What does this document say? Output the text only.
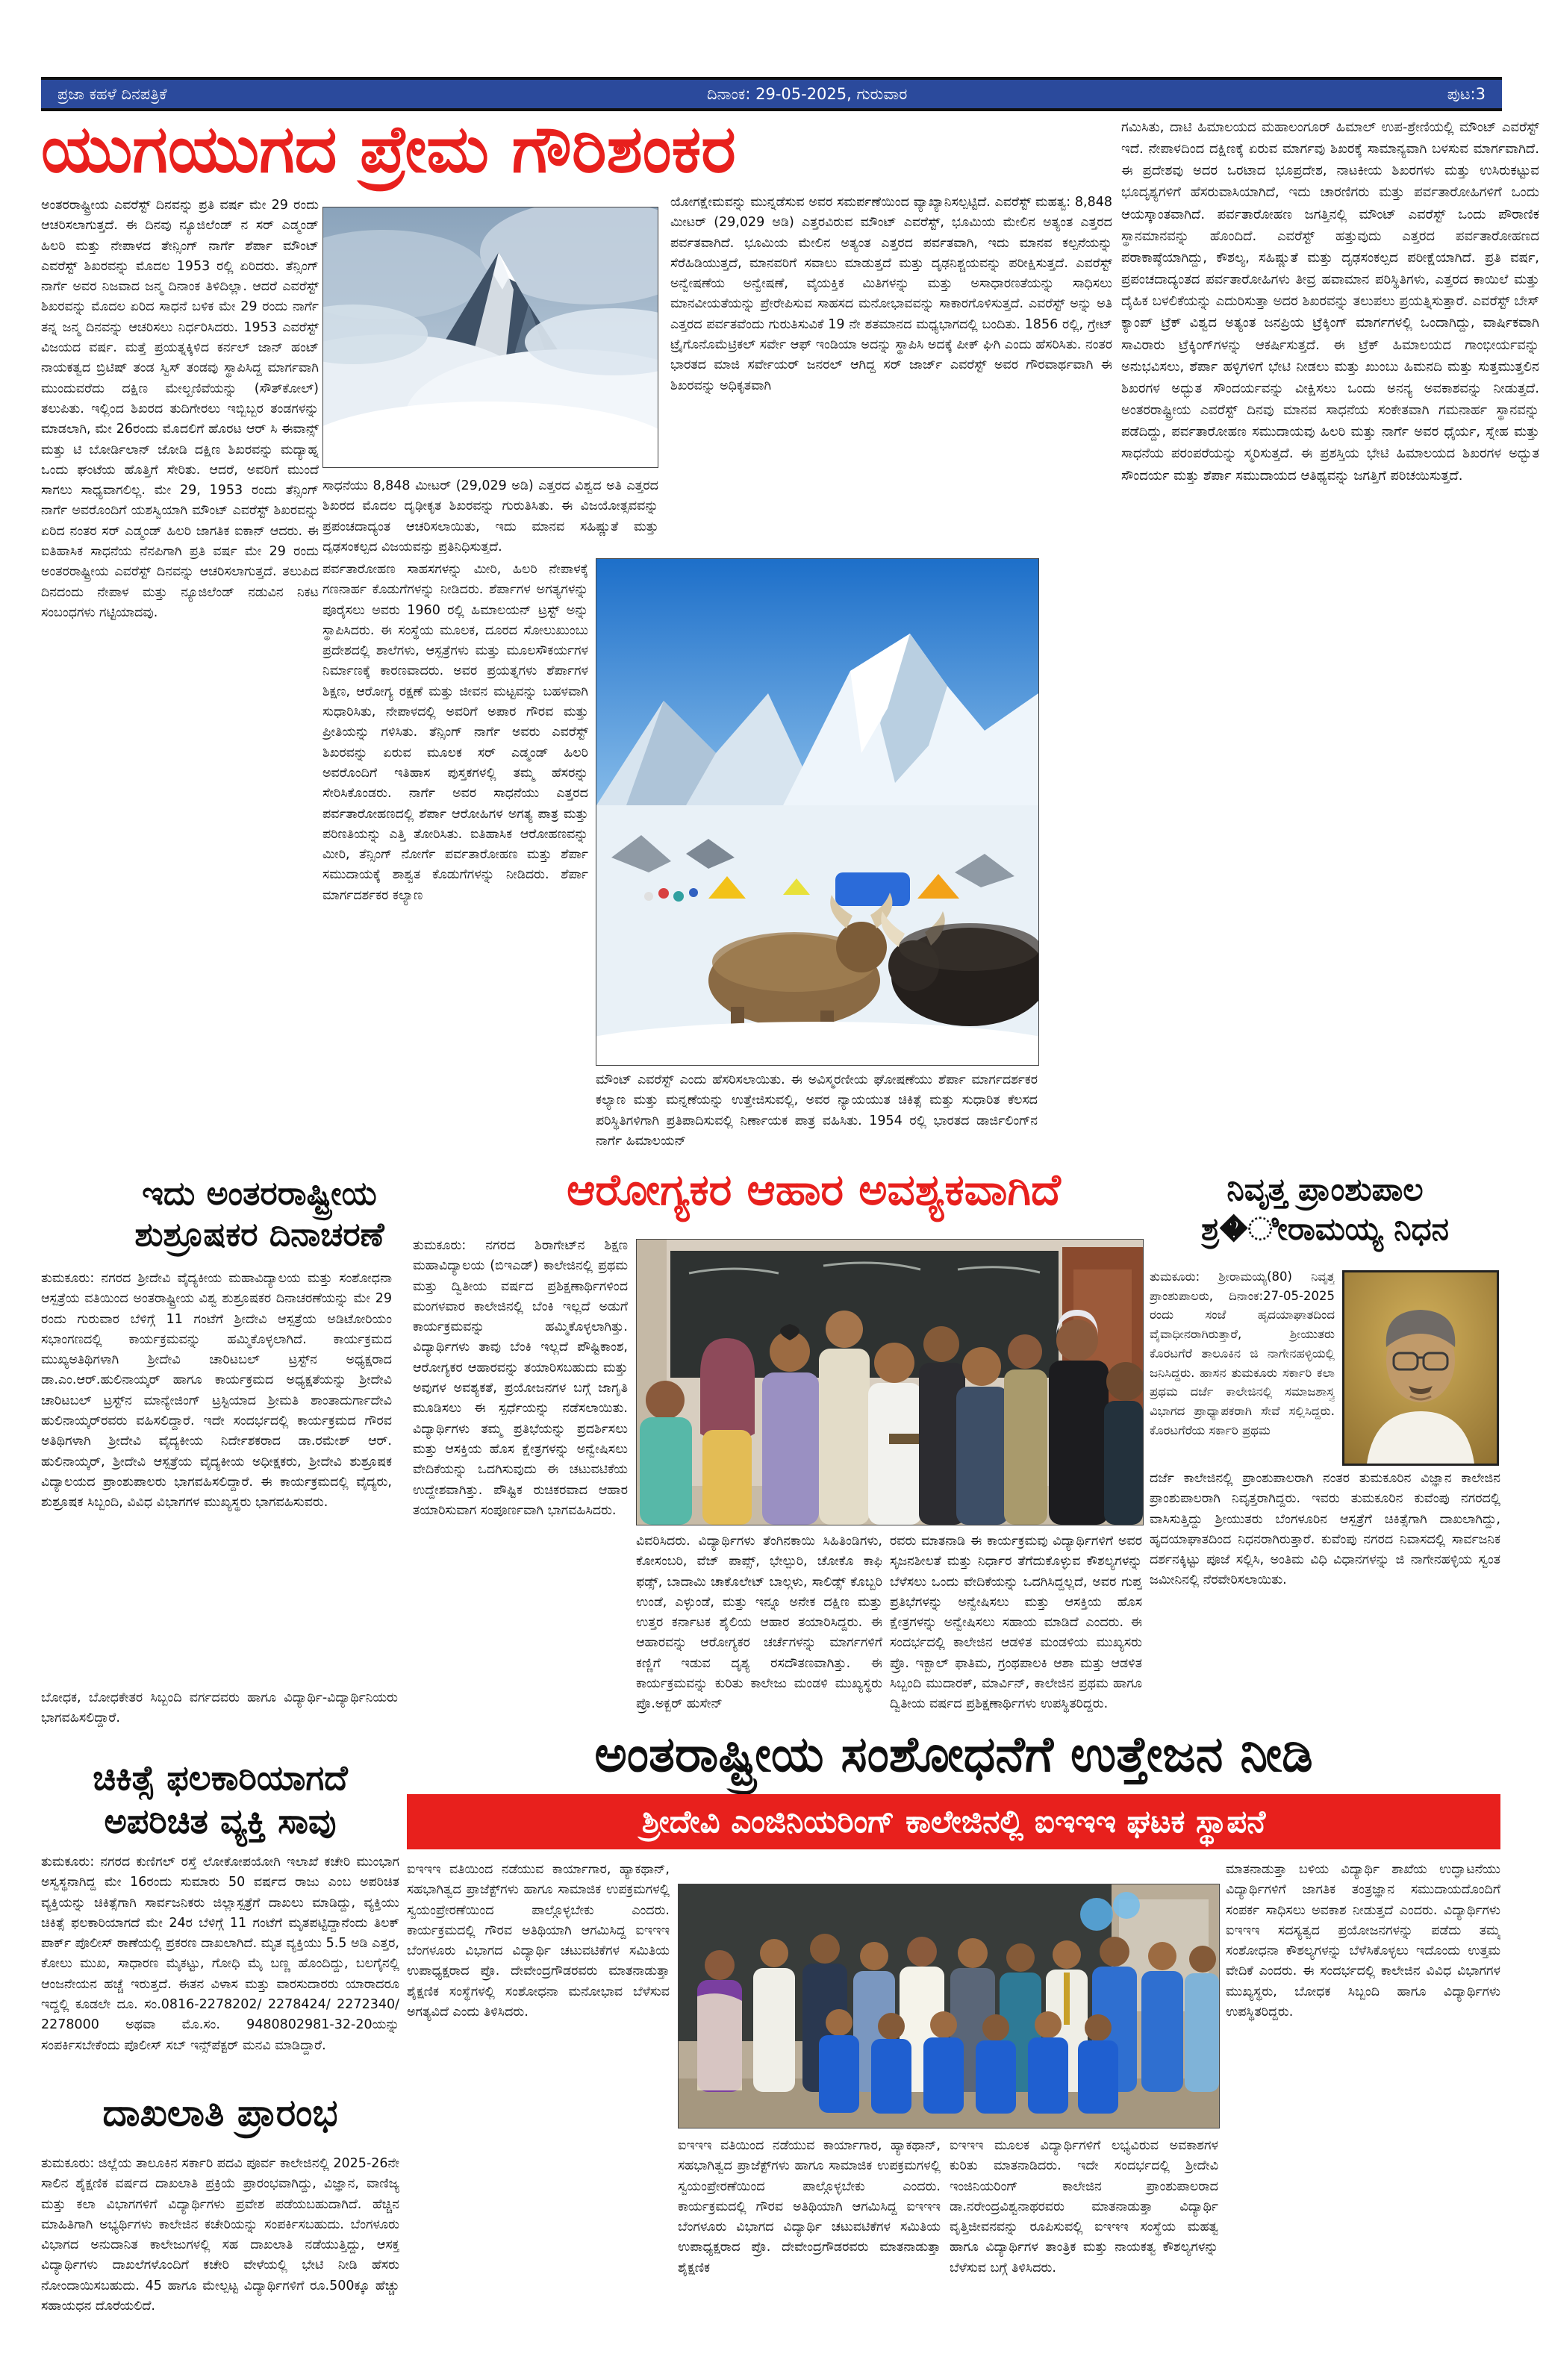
ಪ್ರಜಾ ಕಹಳೆ ದಿನಪತ್ರಿಕೆ	ದಿನಾಂಕ: 29-05-2025, ಗುರುವಾರ	ಪುಟ:3
ಯುಗಯುಗದ ಪ್ರೇಮ ಗೌರಿಶಂಕರ
ಅಂತರರಾಷ್ಟ್ರೀಯ ಎವರೆಸ್ಟ್ ದಿನವನ್ನು ಪ್ರತಿ ವರ್ಷ ಮೇ 29 ರಂದು ಆಚರಿಸಲಾಗುತ್ತದೆ. ಈ ದಿನವು ನ್ಯೂಜಿಲೆಂಡ್ ನ ಸರ್ ಎಡ್ಮಂಡ್ ಹಿಲರಿ ಮತ್ತು ನೇಪಾಳದ ತೇನ್ಸಿಂಗ್ ನಾರ್ಗೆ ಶೆರ್ಪಾ ಮೌಂಟ್ ಎವರೆಸ್ಟ್ ಶಿಖರವನ್ನು ಮೊದಲ 1953 ರಲ್ಲಿ ಏರಿದರು. ತೆನ್ಸಿಂಗ್ ನಾರ್ಗೆ ಅವರ ನಿಜವಾದ ಜನ್ಮ ದಿನಾಂಕ ತಿಳಿದಿಲ್ಲಾ. ಆದರೆ ಎವರೆಸ್ಟ್ ಶಿಖರವನ್ನು ಮೊದಲ ಏರಿದ ಸಾಧನೆ ಬಳಿಕ ಮೇ 29 ರಂದು ನಾರ್ಗೆ ತನ್ನ ಜನ್ಮ ದಿನವನ್ನು ಆಚರಿಸಲು ನಿರ್ಧರಿಸಿದರು. 1953 ಎವರೆಸ್ಟ್ ವಿಜಯದ ವರ್ಷ. ಮತ್ತೆ ಪ್ರಯತ್ನಕ್ಕಿಳಿದ ಕರ್ನಲ್ ಜಾನ್ ಹಂಟ್ ನಾಯಕತ್ವದ ಬ್ರಿಟಿಷ್ ತಂಡ ಸ್ವಿಸ್ ತಂಡವು ಸ್ಥಾಪಿಸಿದ್ದ ಮಾರ್ಗವಾಗಿ ಮುಂದುವರೆದು ದಕ್ಷಿಣ ಮೇಲ್ಖಣಿವೆಯನ್ನು (ಸೌತ್‌ಕೋಲ್) ತಲುಪಿತು. ಇಲ್ಲಿಂದ ಶಿಖರದ ತುದಿಗೇರಲು ಇಬ್ಬಿಬ್ಬರ ತಂಡಗಳನ್ನು ಮಾಡಲಾಗಿ, ಮೇ 26ರಂದು ಮೊದಲಿಗೆ ಹೊರಟ ಆರ್ ಸಿ ಈವಾನ್ಸ್ ಮತ್ತು ಟಿ ಬೋರ್ಡಿಲಾನ್ ಜೋಡಿ ದಕ್ಷಿಣ ಶಿಖರವನ್ನು ಮದ್ಯಾಹ್ನ ಒಂದು ಘಂಟೆಯ ಹೊತ್ತಿಗೆ ಸೇರಿತು. ಆದರೆ, ಅವರಿಗೆ ಮುಂದೆ ಸಾಗಲು ಸಾಧ್ಯವಾಗಲಿಲ್ಲ. ಮೇ 29, 1953 ರಂದು ತೆನ್ಸಿಂಗ್ ನಾರ್ಗೆ ಅವರೊಂದಿಗೆ ಯಶಸ್ವಿಯಾಗಿ ಮೌಂಟ್ ಎವರೆಸ್ಟ್ ಶಿಖರವನ್ನು ಏರಿದ ನಂತರ ಸರ್ ಎಡ್ಮಂಡ್ ಹಿಲರಿ ಜಾಗತಿಕ ಐಕಾನ್ ಆದರು. ಈ ಐತಿಹಾಸಿಕ ಸಾಧನೆಯ ನೆನಪಿಗಾಗಿ ಪ್ರತಿ ವರ್ಷ ಮೇ 29 ರಂದು ಅಂತರರಾಷ್ಟ್ರೀಯ ಎವರೆಸ್ಟ್ ದಿನವನ್ನು ಆಚರಿಸಲಾಗುತ್ತದೆ. ತಲುಪಿದ ದಿನದಂದು ನೇಪಾಳ ಮತ್ತು ನ್ಯೂಜಿಲೆಂಡ್ ನಡುವಿನ ನಿಕಟ ಸಂಬಂಧಗಳು ಗಟ್ಟಿಯಾದವು.
ಸಾಧನೆಯು 8,848 ಮೀಟರ್ (29,029 ಅಡಿ) ಎತ್ತರದ ವಿಶ್ವದ ಅತಿ ಎತ್ತರದ ಶಿಖರದ ಮೊದಲ ದೃಢೀಕೃತ ಶಿಖರವನ್ನು ಗುರುತಿಸಿತು. ಈ ವಿಜಯೋತ್ಸವವನ್ನು ಪ್ರಪಂಚದಾದ್ಯಂತ ಆಚರಿಸಲಾಯಿತು, ಇದು ಮಾನವ ಸಹಿಷ್ಣುತೆ ಮತ್ತು ದೃಢಸಂಕಲ್ಪದ ವಿಜಯವನ್ನು ಪ್ರತಿನಿಧಿಸುತ್ತದೆ.
ಪರ್ವತಾರೋಹಣ ಸಾಹಸಗಳನ್ನು ಮೀರಿ, ಹಿಲರಿ ನೇಪಾಳಕ್ಕೆ ಗಣನಾರ್ಹ ಕೊಡುಗೆಗಳನ್ನು ನೀಡಿದರು. ಶೆರ್ಪಾಗಳ ಅಗತ್ಯಗಳನ್ನು ಪೂರೈಸಲು ಅವರು 1960 ರಲ್ಲಿ ಹಿಮಾಲಯನ್ ಟ್ರಸ್ಟ್ ಅನ್ನು ಸ್ಥಾಪಿಸಿದರು. ಈ ಸಂಸ್ಥೆಯ ಮೂಲಕ, ದೂರದ ಸೋಲುಖುಂಬು ಪ್ರದೇಶದಲ್ಲಿ ಶಾಲೆಗಳು, ಆಸ್ಪತ್ರೆಗಳು ಮತ್ತು ಮೂಲಸೌಕರ್ಯಗಳ ನಿರ್ಮಾಣಕ್ಕೆ ಕಾರಣವಾದರು. ಅವರ ಪ್ರಯತ್ನಗಳು ಶೆರ್ಪಾಗಳ ಶಿಕ್ಷಣ, ಆರೋಗ್ಯ ರಕ್ಷಣೆ ಮತ್ತು ಜೀವನ ಮಟ್ಟವನ್ನು ಬಹಳವಾಗಿ ಸುಧಾರಿಸಿತು, ನೇಪಾಳದಲ್ಲಿ ಅವರಿಗೆ ಅಪಾರ ಗೌರವ ಮತ್ತು ಪ್ರೀತಿಯನ್ನು ಗಳಿಸಿತು. ತೆನ್ಸಿಂಗ್ ನಾರ್ಗೆ ಅವರು ಎವರೆಸ್ಟ್ ಶಿಖರವನ್ನು ಏರುವ ಮೂಲಕ ಸರ್ ಎಡ್ಮಂಡ್ ಹಿಲರಿ ಅವರೊಂದಿಗೆ ಇತಿಹಾಸ ಪುಸ್ತಕಗಳಲ್ಲಿ ತಮ್ಮ ಹೆಸರನ್ನು ಸೇರಿಸಿಕೊಂಡರು. ನಾರ್ಗೆ ಅವರ ಸಾಧನೆಯು ಎತ್ತರದ ಪರ್ವತಾರೋಹಣದಲ್ಲಿ ಶೆರ್ಪಾ ಆರೋಹಿಗಳ ಅಗತ್ಯ ಪಾತ್ರ ಮತ್ತು ಪರಿಣತಿಯನ್ನು ಎತ್ತಿ ತೋರಿಸಿತು. ಐತಿಹಾಸಿಕ ಆರೋಹಣವನ್ನು ಮೀರಿ, ತೆನ್ಸಿಂಗ್ ನೋರ್ಗೆ ಪರ್ವತಾರೋಹಣ ಮತ್ತು ಶೆರ್ಪಾ ಸಮುದಾಯಕ್ಕೆ ಶಾಶ್ವತ ಕೊಡುಗೆಗಳನ್ನು ನೀಡಿದರು. ಶೆರ್ಪಾ ಮಾರ್ಗದರ್ಶಕರ ಕಲ್ಯಾಣ
ಯೋಗಕ್ಷೇಮವನ್ನು ಮುನ್ನಡೆಸುವ ಅವರ ಸಮರ್ಪಣೆಯಿಂದ ವ್ಯಾಖ್ಯಾನಿಸಲ್ಪಟ್ಟಿದೆ. ಎವರೆಸ್ಟ್ ಮಹತ್ವ: 8,848 ಮೀಟರ್ (29,029 ಅಡಿ) ಎತ್ತರವಿರುವ ಮೌಂಟ್ ಎವರೆಸ್ಟ್, ಭೂಮಿಯ ಮೇಲಿನ ಅತ್ಯಂತ ಎತ್ತರದ ಪರ್ವತವಾಗಿದೆ. ಭೂಮಿಯ ಮೇಲಿನ ಅತ್ಯಂತ ಎತ್ತರದ ಪರ್ವತವಾಗಿ, ಇದು ಮಾನವ ಕಲ್ಪನೆಯನ್ನು ಸೆರೆಹಿಡಿಯುತ್ತದೆ, ಮಾನವರಿಗೆ ಸವಾಲು ಮಾಡುತ್ತದೆ ಮತ್ತು ದೃಢನಿಶ್ಚಯವನ್ನು ಪರೀಕ್ಷಿಸುತ್ತದೆ. ಎವರೆಸ್ಟ್ ಅನ್ವೇಷಣೆಯ ಅನ್ವೇಷಣೆ, ವೈಯಕ್ತಿಕ ಮಿತಿಗಳನ್ನು ಮತ್ತು ಅಸಾಧಾರಣತೆಯನ್ನು ಸಾಧಿಸಲು ಮಾನವೀಯತೆಯನ್ನು ಪ್ರೇರೇಪಿಸುವ ಸಾಹಸದ ಮನೋಭಾವವನ್ನು ಸಾಕಾರಗೊಳಿಸುತ್ತದೆ. ಎವರೆಸ್ಟ್ ಅನ್ನು ಅತಿ ಎತ್ತರದ ಪರ್ವತವೆಂದು ಗುರುತಿಸುವಿಕೆ 19 ನೇ ಶತಮಾನದ ಮಧ್ಯಭಾಗದಲ್ಲಿ ಬಂದಿತು. 1856 ರಲ್ಲಿ, ಗ್ರೇಟ್ ಟ್ರೈಗೊನೊಮೆಟ್ರಿಕಲ್ ಸರ್ವೇ ಆಫ್ ಇಂಡಿಯಾ ಅದನ್ನು ಸ್ಥಾಪಿಸಿ ಅದಕ್ಕೆ ಪೀಕ್ ಘಿಗಿ ಎಂದು ಹೆಸರಿಸಿತು. ನಂತರ ಭಾರತದ ಮಾಜಿ ಸರ್ವೇಯರ್ ಜನರಲ್ ಆಗಿದ್ದ ಸರ್ ಜಾರ್ಜ್ ಎವರೆಸ್ಟ್ ಅವರ ಗೌರವಾರ್ಥವಾಗಿ ಈ ಶಿಖರವನ್ನು ಅಧಿಕೃತವಾಗಿ
ಮೌಂಟ್ ಎವರೆಸ್ಟ್ ಎಂದು ಹೆಸರಿಸಲಾಯಿತು. ಈ ಅವಿಸ್ಮರಣೀಯ ಘೋಷಣೆಯು ಶೆರ್ಪಾ ಮಾರ್ಗದರ್ಶಕರ ಕಲ್ಯಾಣ ಮತ್ತು ಮನ್ನಣೆಯನ್ನು ಉತ್ತೇಜಿಸುವಲ್ಲಿ, ಅವರ ನ್ಯಾಯಯುತ ಚಿಕಿತ್ಸೆ ಮತ್ತು ಸುಧಾರಿತ ಕೆಲಸದ ಪರಿಸ್ಥಿತಿಗಳಿಗಾಗಿ ಪ್ರತಿಪಾದಿಸುವಲ್ಲಿ ನಿರ್ಣಾಯಕ ಪಾತ್ರ ವಹಿಸಿತು. 1954 ರಲ್ಲಿ ಭಾರತದ ಡಾರ್ಜಿಲಿಂಗ್‌ನ ನಾರ್ಗೆ ಹಿಮಾಲಯನ್
ಗಮಿಸಿತು, ದಾಟಿ ಹಿಮಾಲಯದ ಮಹಾಲಂಗೂರ್ ಹಿಮಾಲ್ ಉಪ-ಶ್ರೇಣಿಯಲ್ಲಿ ಮೌಂಟ್ ಎವರೆಸ್ಟ್ ಇದೆ. ನೇಪಾಳದಿಂದ ದಕ್ಷಿಣಕ್ಕೆ ಏರುವ ಮಾರ್ಗವು ಶಿಖರಕ್ಕೆ ಸಾಮಾನ್ಯವಾಗಿ ಬಳಸುವ ಮಾರ್ಗವಾಗಿದೆ. ಈ ಪ್ರದೇಶವು ಅದರ ಒರಟಾದ ಭೂಪ್ರದೇಶ, ನಾಟಕೀಯ ಶಿಖರಗಳು ಮತ್ತು ಉಸಿರುಕಟ್ಟುವ ಭೂದೃಶ್ಯಗಳಿಗೆ ಹೆಸರುವಾಸಿಯಾಗಿದೆ, ಇದು ಚಾರಣಿಗರು ಮತ್ತು ಪರ್ವತಾರೋಹಿಗಳಿಗೆ ಒಂದು ಆಯಸ್ಕಾಂತವಾಗಿದೆ. ಪರ್ವತಾರೋಹಣ ಜಗತ್ತಿನಲ್ಲಿ ಮೌಂಟ್ ಎವರೆಸ್ಟ್ ಒಂದು ಪೌರಾಣಿಕ ಸ್ಥಾನಮಾನವನ್ನು ಹೊಂದಿದೆ. ಎವರೆಸ್ಟ್ ಹತ್ತುವುದು ಎತ್ತರದ ಪರ್ವತಾರೋಹಣದ ಪರಾಕಾಷ್ಠೆಯಾಗಿದ್ದು, ಕೌಶಲ್ಯ, ಸಹಿಷ್ಣುತೆ ಮತ್ತು ದೃಢಸಂಕಲ್ಪದ ಪರೀಕ್ಷೆಯಾಗಿದೆ. ಪ್ರತಿ ವರ್ಷ, ಪ್ರಪಂಚದಾದ್ಯಂತದ ಪರ್ವತಾರೋಹಿಗಳು ತೀವ್ರ ಹವಾಮಾನ ಪರಿಸ್ಥಿತಿಗಳು, ಎತ್ತರದ ಕಾಯಿಲೆ ಮತ್ತು ದೈಹಿಕ ಬಳಲಿಕೆಯನ್ನು ಎದುರಿಸುತ್ತಾ ಅದರ ಶಿಖರವನ್ನು ತಲುಪಲು ಪ್ರಯತ್ನಿಸುತ್ತಾರೆ. ಎವರೆಸ್ಟ್ ಬೇಸ್ ಕ್ಯಾಂಪ್ ಟ್ರೆಕ್ ವಿಶ್ವದ ಅತ್ಯಂತ ಜನಪ್ರಿಯ ಟ್ರೆಕ್ಕಿಂಗ್ ಮಾರ್ಗಗಳಲ್ಲಿ ಒಂದಾಗಿದ್ದು, ವಾರ್ಷಿಕವಾಗಿ ಸಾವಿರಾರು ಟ್ರೆಕ್ಕಿಂಗ್‌ಗಳನ್ನು ಆಕರ್ಷಿಸುತ್ತದೆ. ಈ ಟ್ರೆಕ್ ಹಿಮಾಲಯದ ಗಾಂಭೀರ್ಯವನ್ನು ಅನುಭವಿಸಲು, ಶೆರ್ಪಾ ಹಳ್ಳಿಗಳಿಗೆ ಭೇಟಿ ನೀಡಲು ಮತ್ತು ಖುಂಬು ಹಿಮನದಿ ಮತ್ತು ಸುತ್ತಮುತ್ತಲಿನ ಶಿಖರಗಳ ಅದ್ಭುತ ಸೌಂದರ್ಯವನ್ನು ವೀಕ್ಷಿಸಲು ಒಂದು ಅನನ್ಯ ಅವಕಾಶವನ್ನು ನೀಡುತ್ತದೆ. ಅಂತರರಾಷ್ಟ್ರೀಯ ಎವರೆಸ್ಟ್ ದಿನವು ಮಾನವ ಸಾಧನೆಯ ಸಂಕೇತವಾಗಿ ಗಮನಾರ್ಹ ಸ್ಥಾನವನ್ನು ಪಡೆದಿದ್ದು, ಪರ್ವತಾರೋಹಣ ಸಮುದಾಯವು ಹಿಲರಿ ಮತ್ತು ನಾರ್ಗೆ ಅವರ ಧೈರ್ಯ, ಸ್ನೇಹ ಮತ್ತು ಸಾಧನೆಯ ಪರಂಪರೆಯನ್ನು ಸ್ಮರಿಸುತ್ತದೆ. ಈ ಪ್ರಶಸ್ತಿಯ ಭೇಟಿ ಹಿಮಾಲಯದ ಶಿಖರಗಳ ಅದ್ಭುತ ಸೌಂದರ್ಯ ಮತ್ತು ಶೆರ್ಪಾ ಸಮುದಾಯದ ಆತಿಥ್ಯವನ್ನು ಜಗತ್ತಿಗೆ ಪರಿಚಯಿಸುತ್ತದೆ.
ಇದು ಅಂತರರಾಷ್ಟ್ರೀಯ
ಶುಶ್ರೂಷಕರ ದಿನಾಚರಣೆ
ತುಮಕೂರು: ನಗರದ ಶ್ರೀದೇವಿ ವೈದ್ಯಕೀಯ ಮಹಾವಿದ್ಯಾಲಯ ಮತ್ತು ಸಂಶೋಧನಾ ಆಸ್ಪತ್ರೆಯ ವತಿಯಿಂದ ಅಂತರಾಷ್ಟ್ರೀಯ ವಿಶ್ವ ಶುಶ್ರೂಷಕರ ದಿನಾಚರಣೆಯನ್ನು ಮೇ 29 ರಂದು ಗುರುವಾರ ಬೆಳಿಗ್ಗೆ 11 ಗಂಟೆಗೆ ಶ್ರೀದೇವಿ ಆಸ್ಪತ್ರೆಯ ಅಡಿಟೋರಿಯಂ ಸಭಾಂಗಣದಲ್ಲಿ ಕಾರ್ಯಕ್ರಮವನ್ನು ಹಮ್ಮಿಕೊಳ್ಳಲಾಗಿದೆ. ಕಾರ್ಯಕ್ರಮದ ಮುಖ್ಯಅತಿಥಿಗಳಾಗಿ ಶ್ರೀದೇವಿ ಚಾರಿಟಬಲ್ ಟ್ರಸ್ಟ್‌ನ ಅಧ್ಯಕ್ಷರಾದ ಡಾ.ಎಂ.ಆರ್.ಹುಲಿನಾಯ್ಕರ್ ಹಾಗೂ ಕಾರ್ಯಕ್ರಮದ ಅಧ್ಯಕ್ಷತೆಯನ್ನು ಶ್ರೀದೇವಿ ಚಾರಿಟಬಲ್ ಟ್ರಸ್ಟ್‌ನ ಮಾನ್ಯೇಜಿಂಗ್ ಟ್ರಸ್ಟಿಯಾದ ಶ್ರೀಮತಿ ಶಾಂತಾದುರ್ಗಾದೇವಿ ಹುಲಿನಾಯ್ಕರ್‌ರವರು ವಹಿಸಲಿದ್ದಾರೆ. ಇದೇ ಸಂದರ್ಭದಲ್ಲಿ ಕಾರ್ಯಕ್ರಮದ ಗೌರವ ಅತಿಥಿಗಳಾಗಿ ಶ್ರೀದೇವಿ ವೈದ್ಯಕೀಯ ನಿರ್ದೇಶಕರಾದ ಡಾ.ರಮೇಶ್ ಆರ್. ಹುಲಿನಾಯ್ಕರ್, ಶ್ರೀದೇವಿ ಆಸ್ಪತ್ರೆಯ ವೈದ್ಯಕೀಯ ಅಧೀಕ್ಷಕರು, ಶ್ರೀದೇವಿ ಶುಶ್ರೂಷಕ ವಿದ್ಯಾಲಯದ ಪ್ರಾಂಶುಪಾಲರು ಭಾಗವಹಿಸಲಿದ್ದಾರೆ. ಈ ಕಾರ್ಯಕ್ರಮದಲ್ಲಿ ವೈದ್ಯರು, ಶುಶ್ರೂಷಕ ಸಿಬ್ಬಂದಿ, ವಿವಿಧ ವಿಭಾಗಗಳ ಮುಖ್ಯಸ್ಥರು ಭಾಗವಹಿಸುವರು.
ಬೋಧಕ, ಬೋಧಕೇತರ ಸಿಬ್ಬಂದಿ ವರ್ಗದವರು ಹಾಗೂ ವಿದ್ಯಾರ್ಥಿ-ವಿದ್ಯಾರ್ಥಿನಿಯರು ಭಾಗವಹಿಸಲಿದ್ದಾರೆ.
ಆರೋಗ್ಯಕರ ಆಹಾರ ಅವಶ್ಯಕವಾಗಿದೆ
ತುಮಕೂರು: ನಗರದ ಶಿರಾಗೇಟ್‌ನ ಶಿಕ್ಷಣ ಮಹಾವಿದ್ಯಾಲಯ (ಬಿಇಎಡ್) ಕಾಲೇಜಿನಲ್ಲಿ ಪ್ರಥಮ ಮತ್ತು ದ್ವಿತೀಯ ವರ್ಷದ ಪ್ರಶಿಕ್ಷಣಾರ್ಥಿಗಳಿಂದ ಮಂಗಳವಾರ ಕಾಲೇಜಿನಲ್ಲಿ ಬೆಂಕಿ ಇಲ್ಲದೆ ಅಡುಗೆ ಕಾರ್ಯಕ್ರಮವನ್ನು ಹಮ್ಮಿಕೊಳ್ಳಲಾಗಿತ್ತು. ವಿದ್ಯಾರ್ಥಿಗಳು ತಾವು ಬೆಂಕಿ ಇಲ್ಲದೆ ಪೌಷ್ಟಿಕಾಂಶ, ಆರೋಗ್ಯಕರ ಆಹಾರವನ್ನು ತಯಾರಿಸಬಹುದು ಮತ್ತು ಅವುಗಳ ಅವಶ್ಯಕತೆ, ಪ್ರಯೋಜನಗಳ ಬಗ್ಗೆ ಜಾಗೃತಿ ಮೂಡಿಸಲು ಈ ಸ್ಪರ್ಧೆಯನ್ನು ನಡೆಸಲಾಯಿತು. ವಿದ್ಯಾರ್ಥಿಗಳು ತಮ್ಮ ಪ್ರತಿಭೆಯನ್ನು ಪ್ರದರ್ಶಿಸಲು ಮತ್ತು ಆಸಕ್ತಿಯ ಹೊಸ ಕ್ಷೇತ್ರಗಳನ್ನು ಅನ್ವೇಷಿಸಲು ವೇದಿಕೆಯನ್ನು ಒದಗಿಸುವುದು ಈ ಚಟುವಟಿಕೆಯ ಉದ್ದೇಶವಾಗಿತ್ತು. ಪೌಷ್ಟಿಕ ರುಚಿಕರವಾದ ಆಹಾರ ತಯಾರಿಸುವಾಗ ಸಂಪೂರ್ಣವಾಗಿ ಭಾಗವಹಿಸಿದರು.
ವಿವರಿಸಿದರು. ವಿದ್ಯಾರ್ಥಿಗಳು ತೆಂಗಿನಕಾಯಿ ಸಿಹಿತಿಂಡಿಗಳು, ಕೋಸಂಬರಿ, ವೆಜ್ ಪಾಪ್ಸ್, ಭೇಲ್ಪುರಿ, ಚೋಕೊ ಕಾಫಿ ಫಡ್ಸ್, ಬಾದಾಮಿ ಚಾಕೊಲೇಟ್ ಬಾಲ್ಗಳು, ಸಾಲಿಡ್ಸ್ ಕೊಬ್ಬರಿ ಉಂಡೆ, ಎಳ್ಳುಂಡೆ, ಮತ್ತು ಇನ್ನೂ ಅನೇಕ ದಕ್ಷಿಣ ಮತ್ತು ಉತ್ತರ ಕರ್ನಾಟಕ ಶೈಲಿಯ ಆಹಾರ ತಯಾರಿಸಿದ್ದರು. ಈ ಆಹಾರವನ್ನು ಆರೋಗ್ಯಕರ ಚರ್ಚೆಗಳನ್ನು ಮಾರ್ಗಗಳಿಗೆ ಕಣ್ಣಿಗೆ ಇಡುವ ದೃಶ್ಯ ರಸದೌತಣವಾಗಿತ್ತು. ಈ ಕಾರ್ಯಕ್ರಮವನ್ನು ಕುರಿತು ಕಾಲೇಜು ಮಂಡಳಿ ಮುಖ್ಯಸ್ಥರು ಪ್ರೊ.ಅಕ್ಬರ್ ಹುಸೇನ್
ರವರು ಮಾತನಾಡಿ ಈ ಕಾರ್ಯಕ್ರಮವು ವಿದ್ಯಾರ್ಥಿಗಳಿಗೆ ಅವರ ಸೃಜನಶೀಲತೆ ಮತ್ತು ನಿರ್ಧಾರ ತೆಗೆದುಕೊಳ್ಳುವ ಕೌಶಲ್ಯಗಳನ್ನು ಬೆಳೆಸಲು ಒಂದು ವೇದಿಕೆಯನ್ನು ಒದಗಿಸಿದ್ದಲ್ಲದೆ, ಅವರ ಗುಪ್ತ ಪ್ರತಿಭೆಗಳನ್ನು ಅನ್ವೇಷಿಸಲು ಮತ್ತು ಆಸಕ್ತಿಯ ಹೊಸ ಕ್ಷೇತ್ರಗಳನ್ನು ಅನ್ವೇಷಿಸಲು ಸಹಾಯ ಮಾಡಿದೆ ಎಂದರು. ಈ ಸಂದರ್ಭದಲ್ಲಿ ಕಾಲೇಜಿನ ಆಡಳಿತ ಮಂಡಳಿಯ ಮುಖ್ಯಸರು ಪ್ರೊ. ಇಕ್ಬಾಲ್ ಫಾತಿಮ, ಗ್ರಂಥಪಾಲಕಿ ಆಶಾ ಮತ್ತು ಆಡಳಿತ ಸಿಬ್ಬಂದಿ ಮುದಾರಕ್, ಮಾರ್ವಿನ್, ಕಾಲೇಜಿನ ಪ್ರಥಮ ಹಾಗೂ ದ್ವಿತೀಯ ವರ್ಷದ ಪ್ರಶಿಕ್ಷಣಾರ್ಥಿಗಳು ಉಪಸ್ಥಿತರಿದ್ದರು.
ನಿವೃತ್ತ ಪ್ರಾಂಶುಪಾಲ
ಶ್ರ�ೀರಾಮಯ್ಯ ನಿಧನ
ತುಮಕೂರು: ಶ್ರೀರಾಮಯ್ಯ(80) ನಿವೃತ್ತ ಪ್ರಾಂಶುಪಾಲರು, ದಿನಾಂಕ:27-05-2025 ರಂದು ಸಂಜೆ ಹೃದಯಾಘಾತದಿಂದ ವೈವಾಧೀನರಾಗಿರುತ್ತಾರೆ, ಶ್ರೀಯುತರು ಕೊರಟಗೆರೆ ತಾಲೂಕಿನ ಜಿ ನಾಗೇನಹಳ್ಳಿಯಲ್ಲಿ ಜನಿಸಿದ್ದರು. ಹಾಸನ ತುಮಕೂರು ಸರ್ಕಾರಿ ಕಲಾ ಪ್ರಥಮ ದರ್ಜೆ ಕಾಲೇಜಿನಲ್ಲಿ ಸಮಾಜಶಾಸ್ತ್ರ ವಿಭಾಗದ ಪ್ರಾಧ್ಯಾಪಕರಾಗಿ ಸೇವೆ ಸಲ್ಲಿಸಿದ್ದರು. ಕೊರಟಗೆರೆಯ ಸರ್ಕಾರಿ ಪ್ರಥಮ
ದರ್ಜೆ ಕಾಲೇಜಿನಲ್ಲಿ ಪ್ರಾಂಶುಪಾಲರಾಗಿ ನಂತರ ತುಮಕೂರಿನ ವಿಜ್ಞಾನ ಕಾಲೇಜಿನ ಪ್ರಾಂಶುಪಾಲರಾಗಿ ನಿವೃತ್ತರಾಗಿದ್ದರು. ಇವರು ತುಮಕೂರಿನ ಕುವೆಂಪು ನಗರದಲ್ಲಿ ವಾಸಿಸುತ್ತಿದ್ದು ಶ್ರೀಯುತರು ಬೆಂಗಳೂರಿನ ಆಸ್ಪತ್ರೆಗೆ ಚಿಕಿತ್ಸೆಗಾಗಿ ದಾಖಲಾಗಿದ್ದು, ಹೃದಯಾಘಾತದಿಂದ ನಿಧನರಾಗಿರುತ್ತಾರೆ. ಕುವೆಂಪು ನಗರದ ನಿವಾಸದಲ್ಲಿ ಸಾರ್ವಜನಿಕ ದರ್ಶನಕ್ಕಿಟ್ಟು ಪೂಜೆ ಸಲ್ಲಿಸಿ, ಅಂತಿಮ ವಿಧಿ ವಿಧಾನಗಳನ್ನು ಜಿ ನಾಗೇನಹಳ್ಳಿಯ ಸ್ವಂತ ಜಮೀನಿನಲ್ಲಿ ನೆರವೇರಿಸಲಾಯಿತು.
ಚಿಕಿತ್ಸೆ ಫಲಕಾರಿಯಾಗದೆ
ಅಪರಿಚಿತ ವ್ಯಕ್ತಿ ಸಾವು
ತುಮಕೂರು: ನಗರದ ಕುಣಿಗಲ್ ರಸ್ತೆ ಲೋಕೋಪಯೋಗಿ ಇಲಾಖೆ ಕಚೇರಿ ಮುಂಭಾಗ ಅಸ್ವಸ್ಥನಾಗಿದ್ದ ಮೇ 16ರಂದು ಸುಮಾರು 50 ವರ್ಷದ ರಾಜು ಎಂಬ ಅಪರಿಚಿತ ವ್ಯಕ್ತಿಯನ್ನು ಚಿಕಿತ್ಸೆಗಾಗಿ ಸಾರ್ವಜನಿಕರು ಜಿಲ್ಲಾಸ್ಪತ್ರೆಗೆ ದಾಖಲು ಮಾಡಿದ್ದು, ವ್ಯಕ್ತಿಯು ಚಿಕಿತ್ಸೆ ಫಲಕಾರಿಯಾಗದೆ ಮೇ 24ರ ಬೆಳಿಗ್ಗೆ 11 ಗಂಟೆಗೆ ಮೃತಪಟ್ಟಿದ್ದಾನೆಂದು ತಿಲಕ್ ಪಾರ್ಕ್ ಪೊಲೀಸ್ ಠಾಣೆಯಲ್ಲಿ ಪ್ರಕರಣ ದಾಖಲಾಗಿದೆ. ಮೃತ ವ್ಯಕ್ತಿಯು 5.5 ಅಡಿ ಎತ್ತರ, ಕೋಲು ಮುಖ, ಸಾಧಾರಣ ಮೈಕಟ್ಟು, ಗೋಧಿ ಮೈ ಬಣ್ಣ ಹೊಂದಿದ್ದು, ಬಲಗೈನಲ್ಲಿ ಆಂಜನೇಯನ ಹಚ್ಚೆ ಇರುತ್ತದೆ. ಈತನ ವಿಳಾಸ ಮತ್ತು ವಾರಸುದಾರರು ಯಾರಾದರೂ ಇದ್ದಲ್ಲಿ ಕೂಡಲೇ ದೂ. ಸಂ.0816-2278202/ 2278424/ 2272340/ 2278000 ಅಥವಾ ಮೊ.ಸಂ. 9480802981-32-20ಯನ್ನು ಸಂಪರ್ಕಿಸಬೇಕೆಂದು ಪೊಲೀಸ್ ಸಬ್ ಇನ್ಸ್‌ಪೆಕ್ಟರ್ ಮನವಿ ಮಾಡಿದ್ದಾರೆ.
ದಾಖಲಾತಿ ಪ್ರಾರಂಭ
ತುಮಕೂರು: ಜಿಲ್ಲೆಯ ತಾಲೂಕಿನ ಸರ್ಕಾರಿ ಪದವಿ ಪೂರ್ವ ಕಾಲೇಜಿನಲ್ಲಿ 2025-26ನೇ ಸಾಲಿನ ಶೈಕ್ಷಣಿಕ ವರ್ಷದ ದಾಖಲಾತಿ ಪ್ರಕ್ರಿಯೆ ಪ್ರಾರಂಭವಾಗಿದ್ದು, ವಿಜ್ಞಾನ, ವಾಣಿಜ್ಯ ಮತ್ತು ಕಲಾ ವಿಭಾಗಗಳಿಗೆ ವಿದ್ಯಾರ್ಥಿಗಳು ಪ್ರವೇಶ ಪಡೆಯಬಹುದಾಗಿದೆ. ಹೆಚ್ಚಿನ ಮಾಹಿತಿಗಾಗಿ ಅಭ್ಯರ್ಥಿಗಳು ಕಾಲೇಜಿನ ಕಚೇರಿಯನ್ನು ಸಂಪರ್ಕಿಸಬಹುದು. ಬೆಂಗಳೂರು ವಿಭಾಗದ ಅನುದಾನಿತ ಕಾಲೇಜುಗಳಲ್ಲಿ ಸಹ ದಾಖಲಾತಿ ನಡೆಯುತ್ತಿದ್ದು, ಆಸಕ್ತ ವಿದ್ಯಾರ್ಥಿಗಳು ದಾಖಲೆಗಳೊಂದಿಗೆ ಕಚೇರಿ ವೇಳೆಯಲ್ಲಿ ಭೇಟಿ ನೀಡಿ ಹೆಸರು ನೋಂದಾಯಿಸಬಹುದು. 45 ಹಾಗೂ ಮೇಲ್ಪಟ್ಟ ವಿದ್ಯಾರ್ಥಿಗಳಿಗೆ ರೂ.500ಕ್ಕೂ ಹೆಚ್ಚು ಸಹಾಯಧನ ದೊರೆಯಲಿದೆ.
ಅಂತರಾಷ್ಟ್ರೀಯ ಸಂಶೋಧನೆಗೆ ಉತ್ತೇಜನ ನೀಡಿ
ಶ್ರೀದೇವಿ ಎಂಜಿನಿಯರಿಂಗ್ ಕಾಲೇಜಿನಲ್ಲಿ ಐಇಇಇ ಘಟಕ ಸ್ಥಾಪನೆ
ಐಇಇಇ ವತಿಯಿಂದ ನಡೆಯುವ ಕಾರ್ಯಾಗಾರ, ಹ್ಯಾಕಥಾನ್, ಸಹಭಾಗಿತ್ವದ ಪ್ರಾಜೆಕ್ಟ್‌ಗಳು ಹಾಗೂ ಸಾಮಾಜಿಕ ಉಪಕ್ರಮಗಳಲ್ಲಿ ಸ್ವಯಂಪ್ರೇರಣೆಯಿಂದ ಪಾಲ್ಗೊಳ್ಳಬೇಕು ಎಂದರು. ಕಾರ್ಯಕ್ರಮದಲ್ಲಿ ಗೌರವ ಅತಿಥಿಯಾಗಿ ಆಗಮಿಸಿದ್ದ ಐಇಇಇ ಬೆಂಗಳೂರು ವಿಭಾಗದ ವಿದ್ಯಾರ್ಥಿ ಚಟುವಟಿಕೆಗಳ ಸಮಿತಿಯ ಉಪಾಧ್ಯಕ್ಷರಾದ ಪ್ರೊ. ದೇವೇಂದ್ರಗೌಡರವರು ಮಾತನಾಡುತ್ತಾ ಶೈಕ್ಷಣಿಕ ಸಂಸ್ಥೆಗಳಲ್ಲಿ ಸಂಶೋಧನಾ ಮನೋಭಾವ ಬೆಳೆಸುವ ಅಗತ್ಯವಿದೆ ಎಂದು ತಿಳಿಸಿದರು.
ಮಾತನಾಡುತ್ತಾ ಬಳಿಯ ವಿದ್ಯಾರ್ಥಿ ಶಾಖೆಯ ಉದ್ಘಾಟನೆಯು ವಿದ್ಯಾರ್ಥಿಗಳಿಗೆ ಜಾಗತಿಕ ತಂತ್ರಜ್ಞಾನ ಸಮುದಾಯದೊಂದಿಗೆ ಸಂಪರ್ಕ ಸಾಧಿಸಲು ಅವಕಾಶ ನೀಡುತ್ತದೆ ಎಂದರು. ವಿದ್ಯಾರ್ಥಿಗಳು ಐಇಇಇ ಸದಸ್ಯತ್ವದ ಪ್ರಯೋಜನಗಳನ್ನು ಪಡೆದು ತಮ್ಮ ಸಂಶೋಧನಾ ಕೌಶಲ್ಯಗಳನ್ನು ಬೆಳೆಸಿಕೊಳ್ಳಲು ಇದೊಂದು ಉತ್ತಮ ವೇದಿಕೆ ಎಂದರು. ಈ ಸಂದರ್ಭದಲ್ಲಿ ಕಾಲೇಜಿನ ವಿವಿಧ ವಿಭಾಗಗಳ ಮುಖ್ಯಸ್ಥರು, ಬೋಧಕ ಸಿಬ್ಬಂದಿ ಹಾಗೂ ವಿದ್ಯಾರ್ಥಿಗಳು ಉಪಸ್ಥಿತರಿದ್ದರು.
ಐಇಇಇ ವತಿಯಿಂದ ನಡೆಯುವ ಕಾರ್ಯಾಗಾರ, ಹ್ಯಾಕಥಾನ್, ಸಹಭಾಗಿತ್ವದ ಪ್ರಾಜೆಕ್ಟ್‌ಗಳು ಹಾಗೂ ಸಾಮಾಜಿಕ ಉಪಕ್ರಮಗಳಲ್ಲಿ ಸ್ವಯಂಪ್ರೇರಣೆಯಿಂದ ಪಾಲ್ಗೊಳ್ಳಬೇಕು ಎಂದರು. ಕಾರ್ಯಕ್ರಮದಲ್ಲಿ ಗೌರವ ಅತಿಥಿಯಾಗಿ ಆಗಮಿಸಿದ್ದ ಐಇಇಇ ಬೆಂಗಳೂರು ವಿಭಾಗದ ವಿದ್ಯಾರ್ಥಿ ಚಟುವಟಿಕೆಗಳ ಸಮಿತಿಯ ಉಪಾಧ್ಯಕ್ಷರಾದ ಪ್ರೊ. ದೇವೇಂದ್ರಗೌಡರವರು ಮಾತನಾಡುತ್ತಾ ಶೈಕ್ಷಣಿಕ
ಐಇಇಇ ಮೂಲಕ ವಿದ್ಯಾರ್ಥಿಗಳಿಗೆ ಲಭ್ಯವಿರುವ ಅವಕಾಶಗಳ ಕುರಿತು ಮಾತನಾಡಿದರು. ಇದೇ ಸಂದರ್ಭದಲ್ಲಿ ಶ್ರೀದೇವಿ ಇಂಜಿನಿಯರಿಂಗ್ ಕಾಲೇಜಿನ ಪ್ರಾಂಶುಪಾಲರಾದ ಡಾ.ನರೇಂದ್ರವಿಶ್ವನಾಥರವರು ಮಾತನಾಡುತ್ತಾ ವಿದ್ಯಾರ್ಥಿ ವೃತ್ತಿಜೀವನವನ್ನು ರೂಪಿಸುವಲ್ಲಿ ಐಇಇಇ ಸಂಸ್ಥೆಯ ಮಹತ್ವ ಹಾಗೂ ವಿದ್ಯಾರ್ಥಿಗಳ ತಾಂತ್ರಿಕ ಮತ್ತು ನಾಯಕತ್ವ ಕೌಶಲ್ಯಗಳನ್ನು ಬೆಳೆಸುವ ಬಗ್ಗೆ ತಿಳಿಸಿದರು.
